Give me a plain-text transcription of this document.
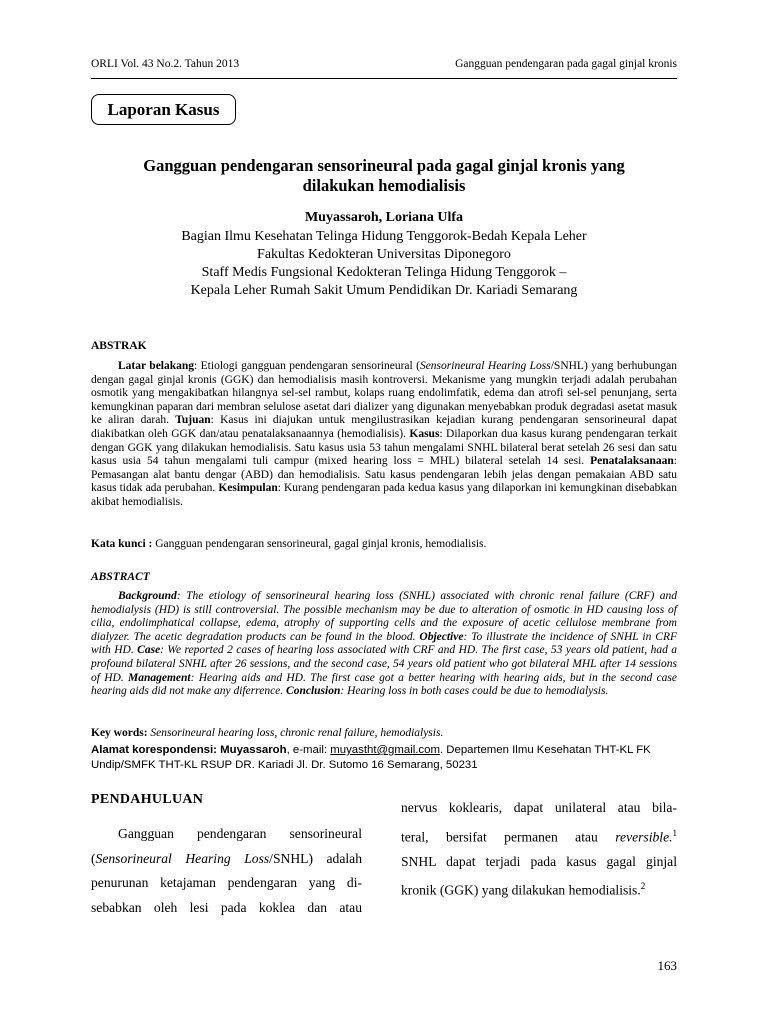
ORLI Vol. 43 No.2. Tahun 2013	Gangguan pendengaran pada gagal ginjal kronis
Laporan Kasus
Gangguan pendengaran sensorineural pada gagal ginjal kronis yang
dilakukan hemodialisis
Muyassaroh, Loriana Ulfa
Bagian Ilmu Kesehatan Telinga Hidung Tenggorok-Bedah Kepala Leher
Fakultas Kedokteran Universitas Diponegoro
Staff Medis Fungsional Kedokteran Telinga Hidung Tenggorok –
Kepala Leher Rumah Sakit Umum Pendidikan Dr. Kariadi Semarang
ABSTRAK
Latar belakang: Etiologi gangguan pendengaran sensorineural (Sensorineural Hearing Loss/SNHL) yang berhubungan dengan gagal ginjal kronis (GGK) dan hemodialisis masih kontroversi. Mekanisme yang mungkin terjadi adalah perubahan osmotik yang mengakibatkan hilangnya sel-sel rambut, kolaps ruang endolimfatik, edema dan atrofi sel-sel penunjang, serta kemungkinan paparan dari membran selulose asetat dari dializer yang digunakan menyebabkan produk degradasi asetat masuk ke aliran darah. Tujuan: Kasus ini diajukan untuk mengilustrasikan kejadian kurang pendengaran sensorineural dapat diakibatkan oleh GGK dan/atau penatalaksanaannya (hemodialisis). Kasus: Dilaporkan dua kasus kurang pendengaran terkait dengan GGK yang dilakukan hemodialisis. Satu kasus usia 53 tahun mengalami SNHL bilateral berat setelah 26 sesi dan satu kasus usia 54 tahun mengalami tuli campur (mixed hearing loss = MHL) bilateral setelah 14 sesi. Penatalaksanaan: Pemasangan alat bantu dengar (ABD) dan hemodialisis. Satu kasus pendengaran lebih jelas dengan pemakaian ABD satu kasus tidak ada perubahan. Kesimpulan: Kurang pendengaran pada kedua kasus yang dilaporkan ini kemungkinan disebabkan akibat hemodialisis.
Kata kunci : Gangguan pendengaran sensorineural, gagal ginjal kronis, hemodialisis.
ABSTRACT
Background: The etiology of sensorineural hearing loss (SNHL) associated with chronic renal failure (CRF) and hemodialysis (HD) is still controversial. The possible mechanism may be due to alteration of osmotic in HD causing loss of cilia, endolimphatical collapse, edema, atrophy of supporting cells and the exposure of acetic cellulose membrane from dialyzer. The acetic degradation products can be found in the blood. Objective: To illustrate the incidence of SNHL in CRF with HD. Case: We reported 2 cases of hearing loss associated with CRF and HD. The first case, 53 years old patient, had a profound bilateral SNHL after 26 sessions, and the second case, 54 years old patient who got bilateral MHL after 14 sessions of HD. Management: Hearing aids and HD. The first case got a better hearing with hearing aids, but in the second case hearing aids did not make any diferrence. Conclusion: Hearing loss in both cases could be due to hemodialysis.
Key words: Sensorineural hearing loss, chronic renal failure, hemodialysis.
Alamat korespondensi: Muyassaroh, e-mail: muyastht@gmail.com. Departemen Ilmu Kesehatan THT-KL FK Undip/SMFK THT-KL RSUP DR. Kariadi Jl. Dr. Sutomo 16 Semarang, 50231
PENDAHULUAN
Gangguan pendengaran sensorineural
(Sensorineural Hearing Loss/SNHL) adalah
penurunan ketajaman pendengaran yang di-
sebabkan oleh lesi pada koklea dan atau
nervus koklearis, dapat unilateral atau bila-
teral, bersifat permanen atau reversible.$^1$
SNHL dapat terjadi pada kasus gagal ginjal
kronik (GGK) yang dilakukan hemodialisis.$^2$
163
